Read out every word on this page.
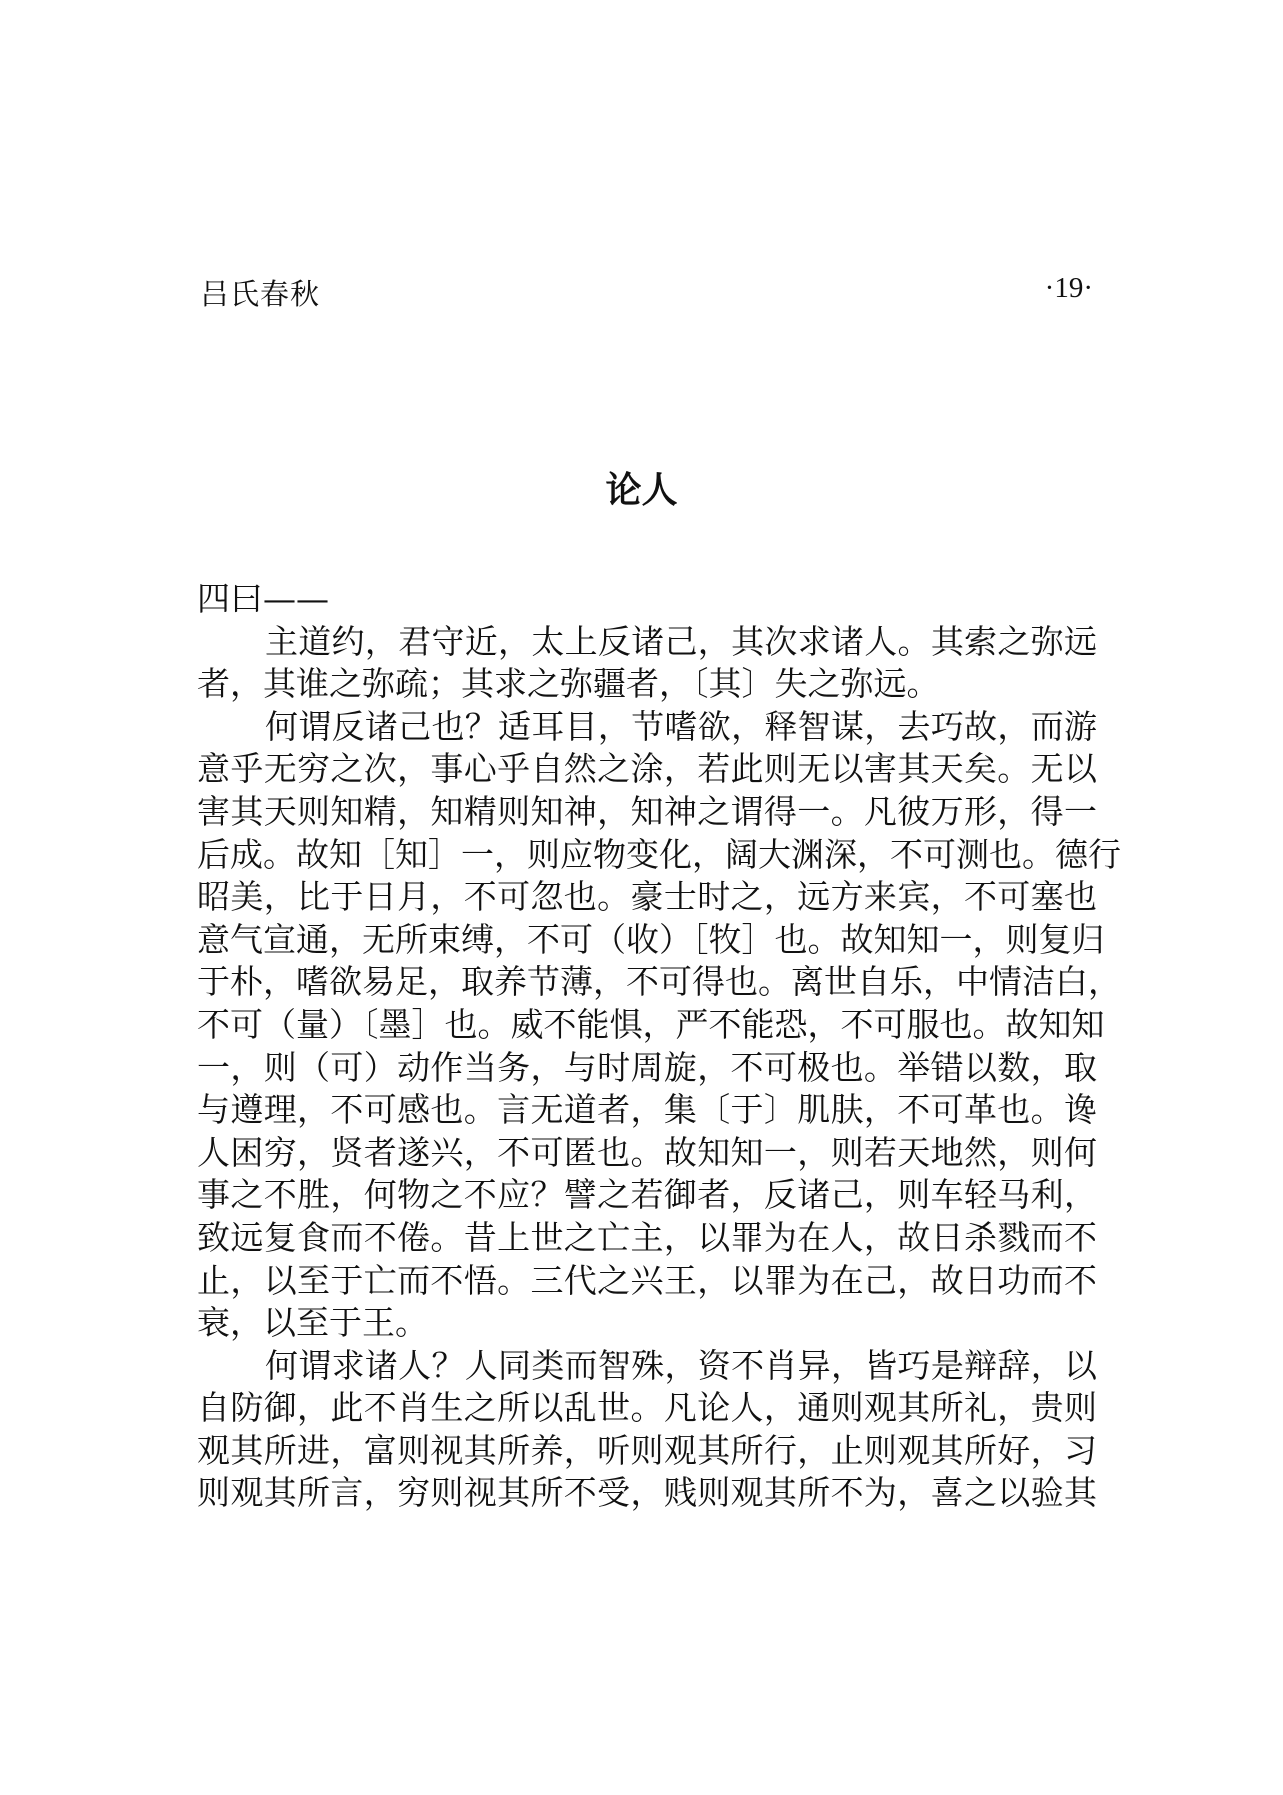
吕氏春秋	·19·
论人
四曰——
主道约，君守近，太上反诸己，其次求诸人。其索之弥远
者，其谁之弥疏；其求之弥疆者，〔其〕失之弥远。
何谓反诸己也？适耳目，节嗜欲，释智谋，去巧故，而游
意乎无穷之次，事心乎自然之涂，若此则无以害其天矣。无以
害其天则知精，知精则知神，知神之谓得一。凡彼万形，得一
后成。故知［知］一，则应物变化，阔大渊深，不可测也。德行
昭美，比于日月，不可忽也。豪士时之，远方来宾，不可塞也
意气宣通，无所束缚，不可（收）［牧］也。故知知一，则复归
于朴，嗜欲易足，取养节薄，不可得也。离世自乐，中情洁白，
不可（量）〔墨］也。威不能惧，严不能恐，不可服也。故知知
一，则（可）动作当务，与时周旋，不可极也。举错以数，取
与遵理，不可感也。言无道者，集〔于〕肌肤，不可革也。谗
人困穷，贤者遂兴，不可匿也。故知知一，则若天地然，则何
事之不胜，何物之不应？譬之若御者，反诸己，则车轻马利，
致远复食而不倦。昔上世之亡主，以罪为在人，故日杀戮而不
止，以至于亡而不悟。三代之兴王，以罪为在己，故日功而不
衰，以至于王。
何谓求诸人？人同类而智殊，资不肖异，皆巧是辩辞，以
自防御，此不肖生之所以乱世。凡论人，通则观其所礼，贵则
观其所进，富则视其所养，听则观其所行，止则观其所好，习
则观其所言，穷则视其所不受，贱则观其所不为，喜之以验其
